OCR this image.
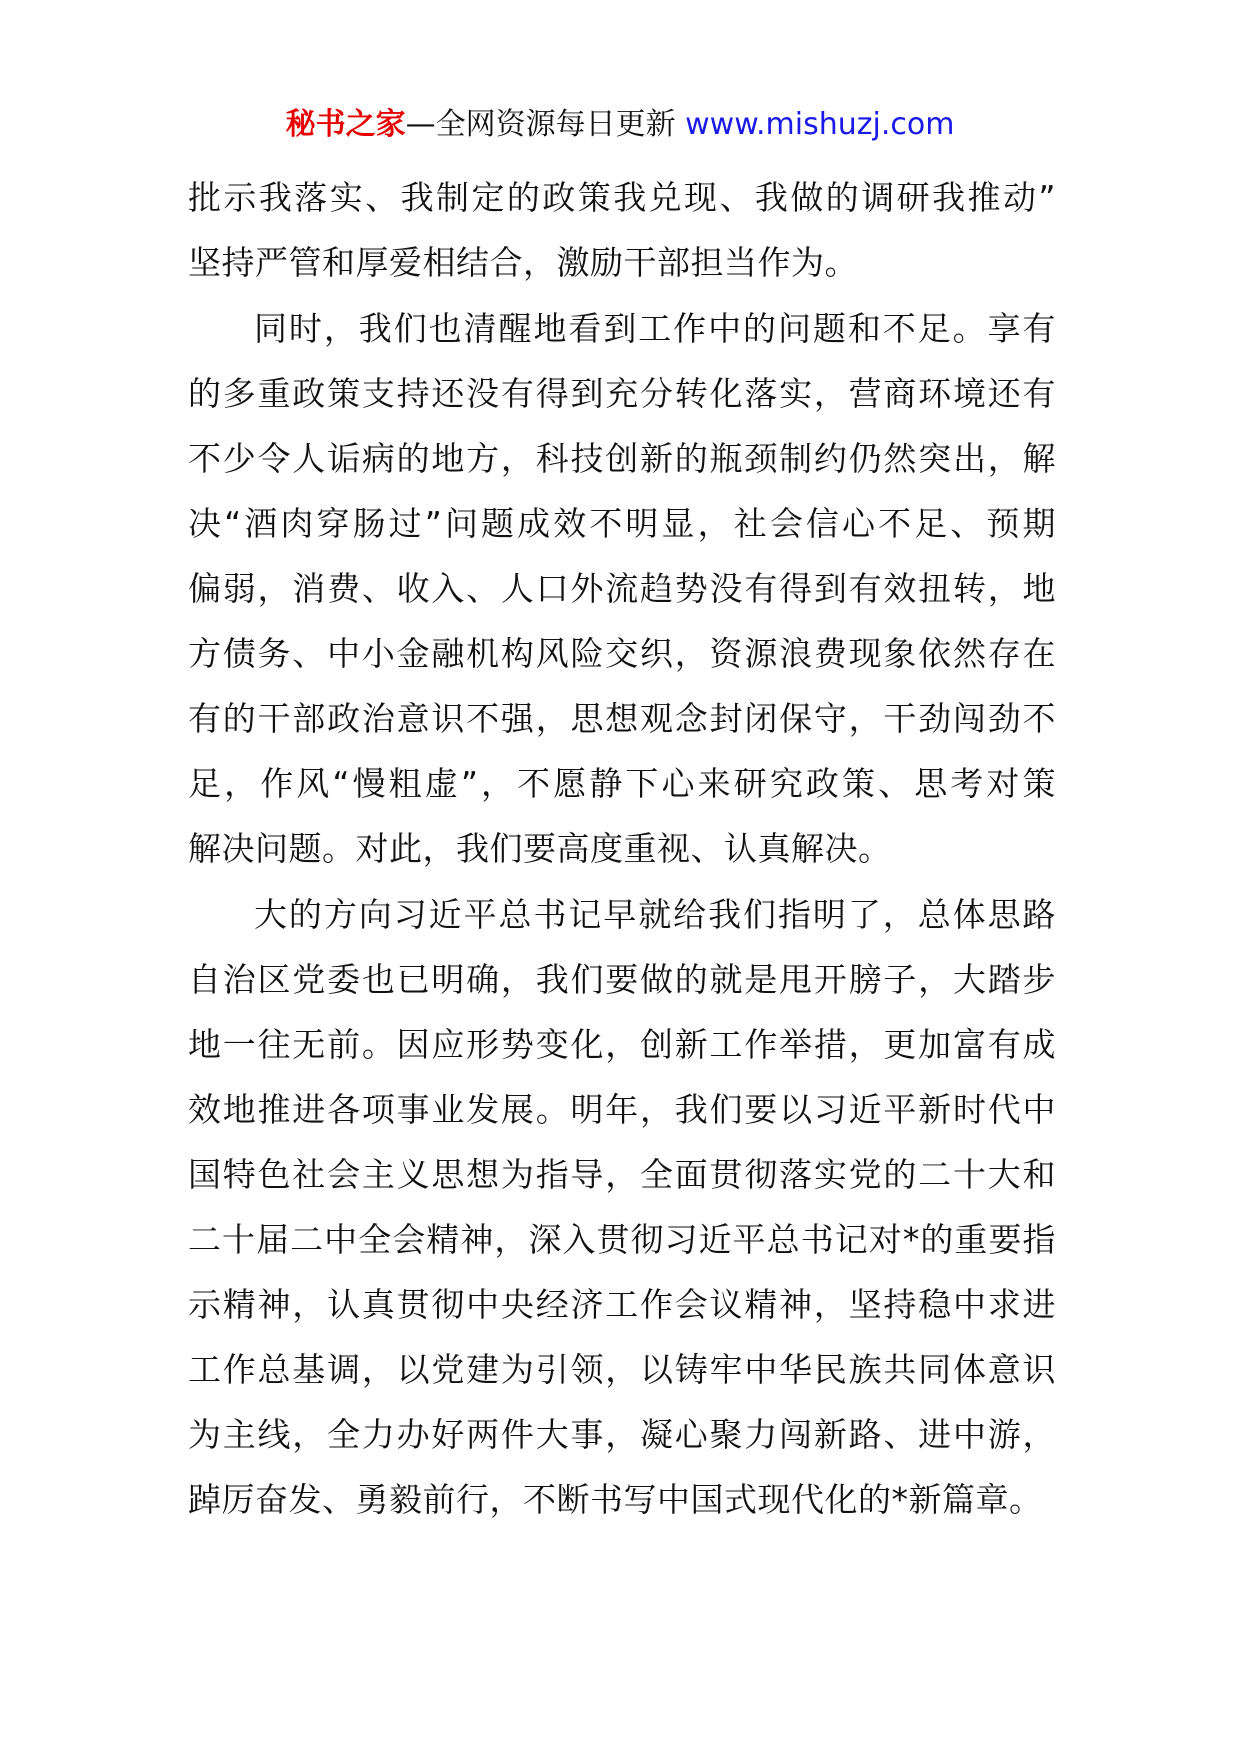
秘书之家—全网资源每日更新 www.mishuzj.com
批示我落实、我制定的政策我兑现、我做的调研我推动”
坚持严管和厚爱相结合，激励干部担当作为。
同时，我们也清醒地看到工作中的问题和不足。享有
的多重政策支持还没有得到充分转化落实，营商环境还有
不少令人诟病的地方，科技创新的瓶颈制约仍然突出，解
决“酒肉穿肠过”问题成效不明显，社会信心不足、预期
偏弱，消费、收入、人口外流趋势没有得到有效扭转，地
方债务、中小金融机构风险交织，资源浪费现象依然存在
有的干部政治意识不强，思想观念封闭保守，干劲闯劲不
足，作风“慢粗虚”，不愿静下心来研究政策、思考对策
解决问题。对此，我们要高度重视、认真解决。
大的方向习近平总书记早就给我们指明了，总体思路
自治区党委也已明确，我们要做的就是甩开膀子，大踏步
地一往无前。因应形势变化，创新工作举措，更加富有成
效地推进各项事业发展。明年，我们要以习近平新时代中
国特色社会主义思想为指导，全面贯彻落实党的二十大和
二十届二中全会精神，深入贯彻习近平总书记对*的重要指
示精神，认真贯彻中央经济工作会议精神，坚持稳中求进
工作总基调，以党建为引领，以铸牢中华民族共同体意识
为主线，全力办好两件大事，凝心聚力闯新路、进中游，
踔厉奋发、勇毅前行，不断书写中国式现代化的*新篇章。
